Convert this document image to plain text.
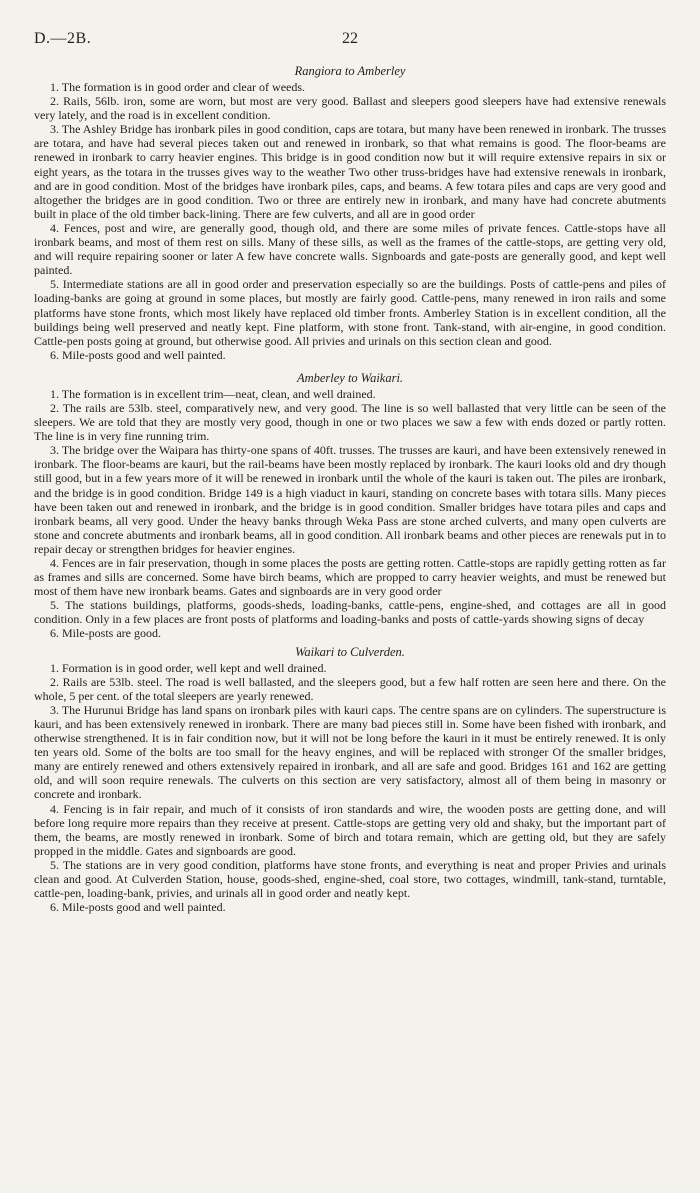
D.—2B.	22
Rangiora to Amberley

1. The formation is in good order and clear of weeds.

2. Rails, 56lb. iron, some are worn, but most are very good. Ballast and sleepers good sleepers have had extensive renewals very lately, and the road is in excellent condition.

3. The Ashley Bridge has ironbark piles in good condition, caps are totara, but many have been renewed in ironbark. The trusses are totara, and have had several pieces taken out and renewed in ironbark, so that what remains is good. The floor-beams are renewed in ironbark to carry heavier engines. This bridge is in good condition now but it will require extensive repairs in six or eight years, as the totara in the trusses gives way to the weather Two other truss-bridges have had extensive renewals in ironbark, and are in good condition. Most of the bridges have ironbark piles, caps, and beams. A few totara piles and caps are very good and altogether the bridges are in good condition. Two or three are entirely new in ironbark, and many have had concrete abutments built in place of the old timber back-lining. There are few culverts, and all are in good order

4. Fences, post and wire, are generally good, though old, and there are some miles of private fences. Cattle-stops have all ironbark beams, and most of them rest on sills. Many of these sills, as well as the frames of the cattle-stops, are getting very old, and will require repairing sooner or later A few have concrete walls. Signboards and gate-posts are generally good, and kept well painted.

5. Intermediate stations are all in good order and preservation especially so are the buildings. Posts of cattle-pens and piles of loading-banks are going at ground in some places, but mostly are fairly good. Cattle-pens, many renewed in iron rails and some platforms have stone fronts, which most likely have replaced old timber fronts. Amberley Station is in excellent condition, all the buildings being well preserved and neatly kept. Fine platform, with stone front. Tank-stand, with air-engine, in good condition. Cattle-pen posts going at ground, but otherwise good. All privies and urinals on this section clean and good.

6. Mile-posts good and well painted.

Amberley to Waikari.

1. The formation is in excellent trim—neat, clean, and well drained.

2. The rails are 53lb. steel, comparatively new, and very good. The line is so well ballasted that very little can be seen of the sleepers. We are told that they are mostly very good, though in one or two places we saw a few with ends dozed or partly rotten. The line is in very fine running trim.

3. The bridge over the Waipara has thirty-one spans of 40ft. trusses. The trusses are kauri, and have been extensively renewed in ironbark. The floor-beams are kauri, but the rail-beams have been mostly replaced by ironbark. The kauri looks old and dry though still good, but in a few years more of it will be renewed in ironbark until the whole of the kauri is taken out. The piles are ironbark, and the bridge is in good condition. Bridge 149 is a high viaduct in kauri, standing on concrete bases with totara sills. Many pieces have been taken out and renewed in ironbark, and the bridge is in good condition. Smaller bridges have totara piles and caps and ironbark beams, all very good. Under the heavy banks through Weka Pass are stone arched culverts, and many open culverts are stone and concrete abutments and ironbark beams, all in good condition. All ironbark beams and other pieces are renewals put in to repair decay or strengthen bridges for heavier engines.

4. Fences are in fair preservation, though in some places the posts are getting rotten. Cattle-stops are rapidly getting rotten as far as frames and sills are concerned. Some have birch beams, which are propped to carry heavier weights, and must be renewed but most of them have new ironbark beams. Gates and signboards are in very good order

5. The stations buildings, platforms, goods-sheds, loading-banks, cattle-pens, engine-shed, and cottages are all in good condition. Only in a few places are front posts of platforms and loading-banks and posts of cattle-yards showing signs of decay

6. Mile-posts are good.

Waikari to Culverden.

1. Formation is in good order, well kept and well drained.

2. Rails are 53lb. steel. The road is well ballasted, and the sleepers good, but a few half rotten are seen here and there. On the whole, 5 per cent. of the total sleepers are yearly renewed.

3. The Hurunui Bridge has land spans on ironbark piles with kauri caps. The centre spans are on cylinders. The superstructure is kauri, and has been extensively renewed in ironbark. There are many bad pieces still in. Some have been fished with ironbark, and otherwise strengthened. It is in fair condition now, but it will not be long before the kauri in it must be entirely renewed. It is only ten years old. Some of the bolts are too small for the heavy engines, and will be replaced with stronger Of the smaller bridges, many are entirely renewed and others extensively repaired in ironbark, and all are safe and good. Bridges 161 and 162 are getting old, and will soon require renewals. The culverts on this section are very satisfactory, almost all of them being in masonry or concrete and ironbark.

4. Fencing is in fair repair, and much of it consists of iron standards and wire, the wooden posts are getting done, and will before long require more repairs than they receive at present. Cattle-stops are getting very old and shaky, but the important part of them, the beams, are mostly renewed in ironbark. Some of birch and totara remain, which are getting old, but they are safely propped in the middle. Gates and signboards are good.

5. The stations are in very good condition, platforms have stone fronts, and everything is neat and proper Privies and urinals clean and good. At Culverden Station, house, goods-shed, engine-shed, coal store, two cottages, windmill, tank-stand, turntable, cattle-pen, loading-bank, privies, and urinals all in good order and neatly kept.

6. Mile-posts good and well painted.
